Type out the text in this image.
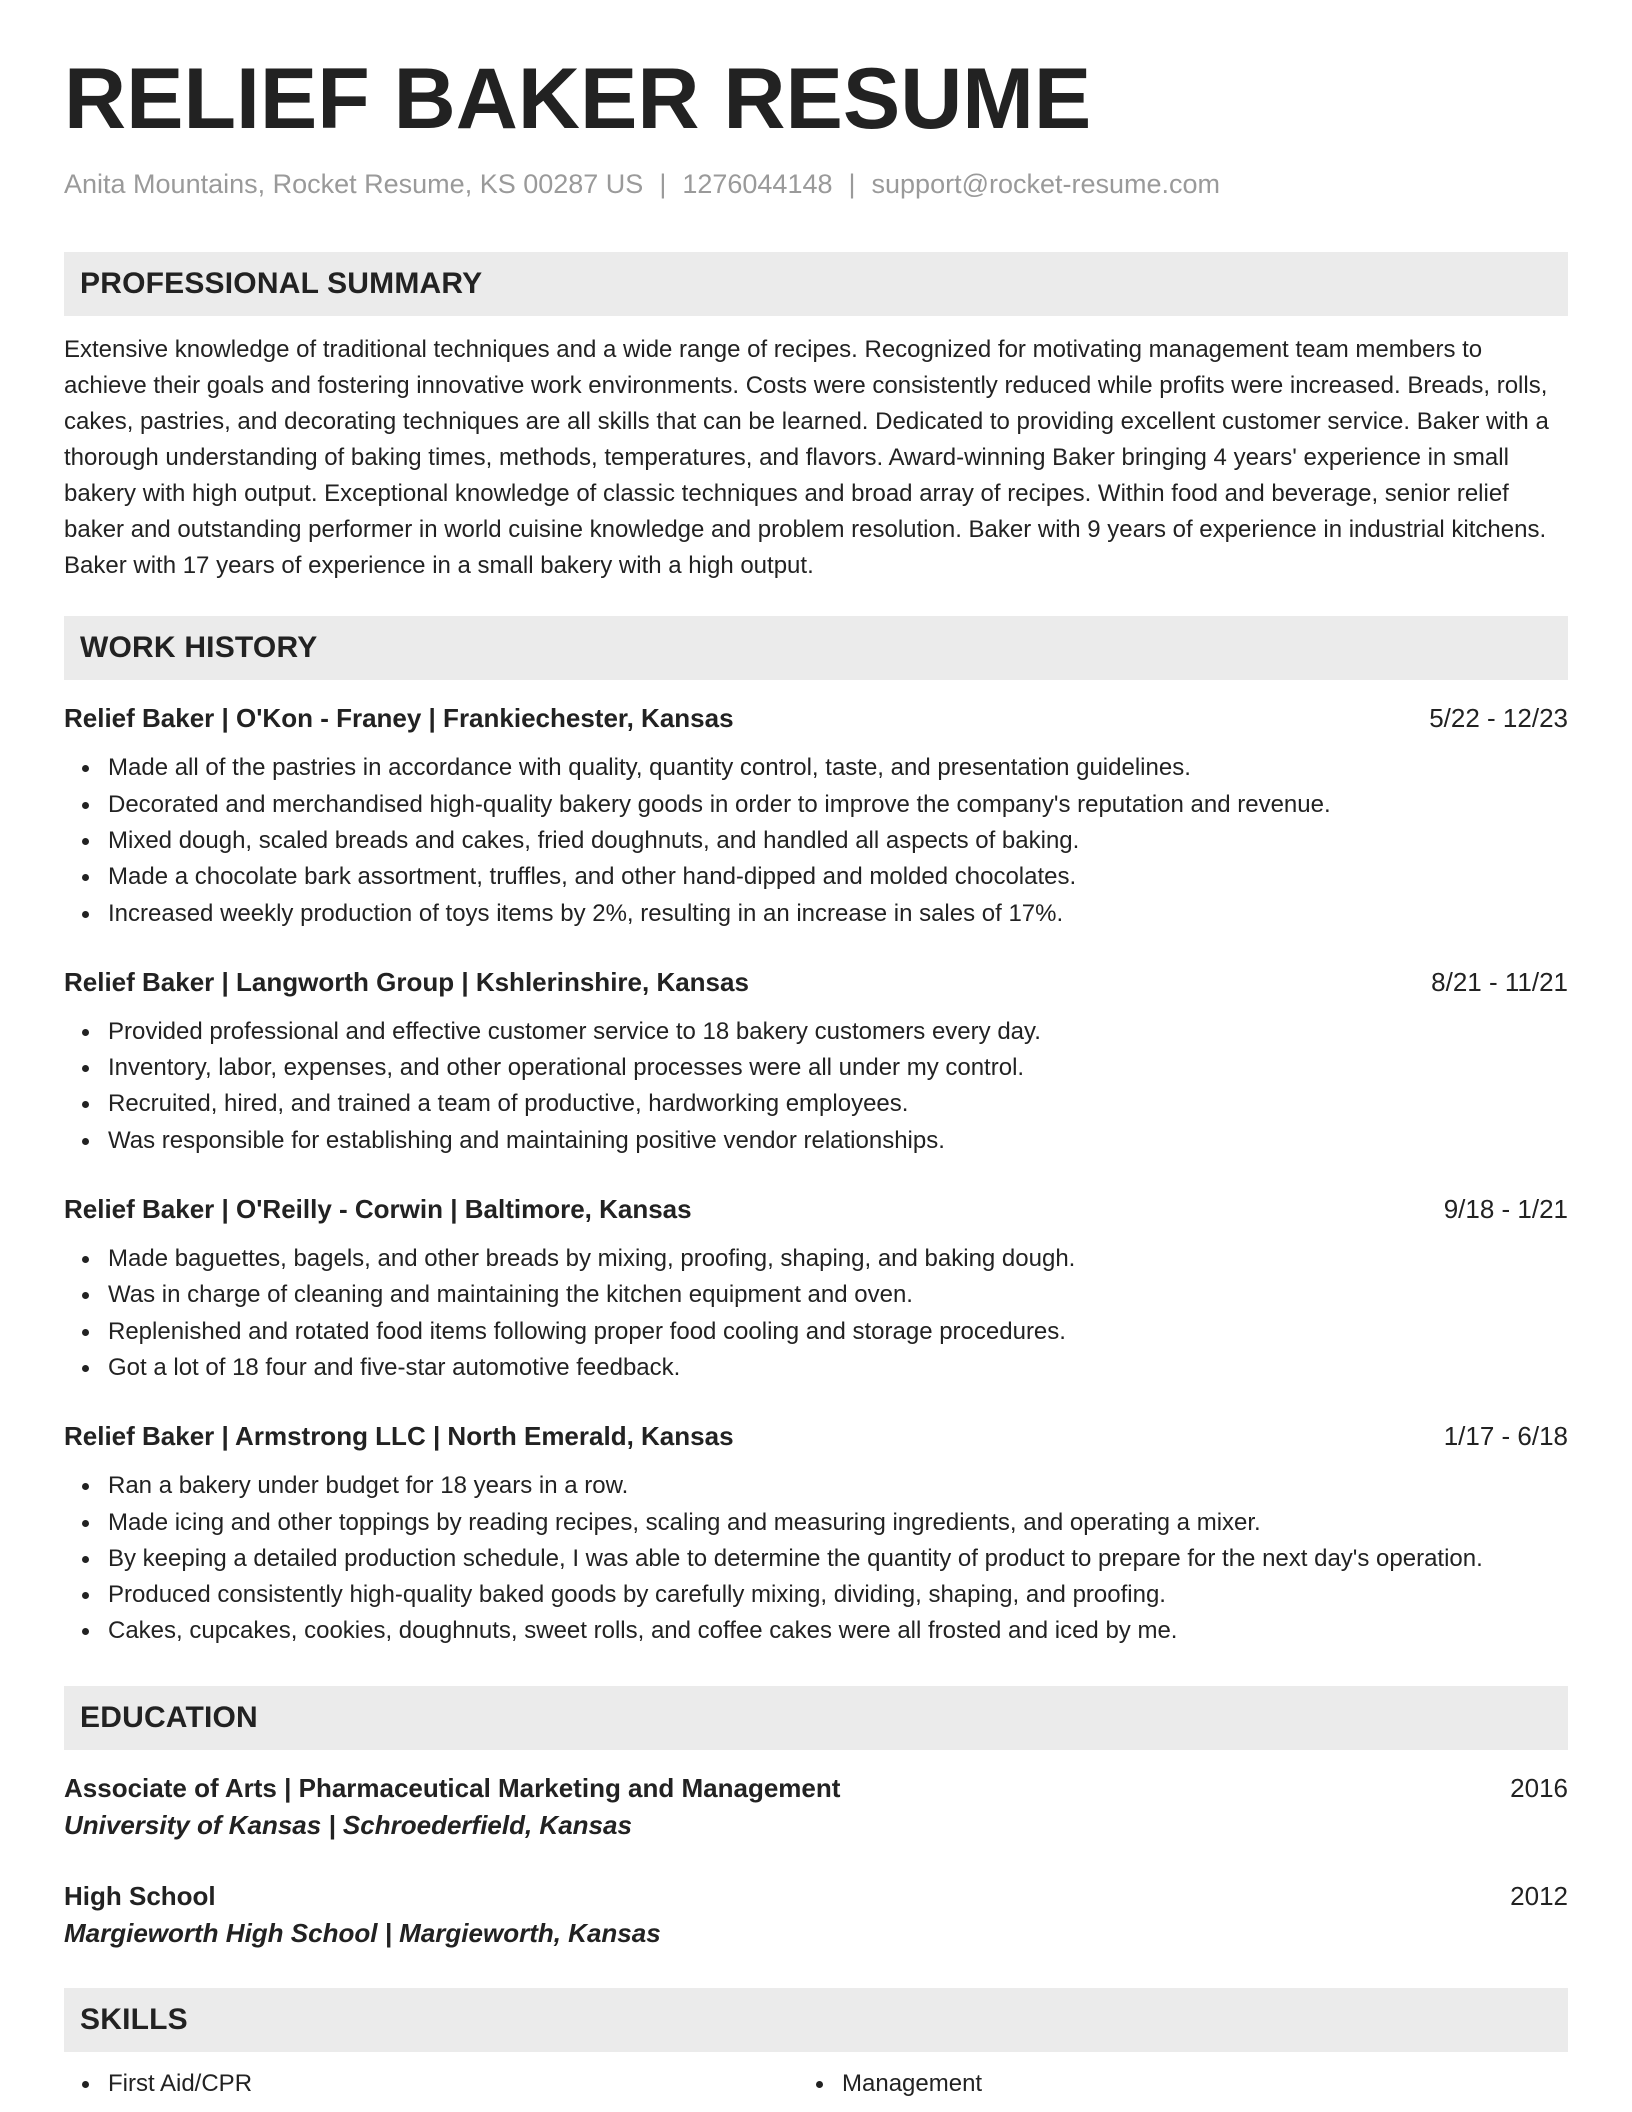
RELIEF BAKER RESUME
Anita Mountains, Rocket Resume, KS 00287 US | 1276044148 | support@rocket-resume.com
PROFESSIONAL SUMMARY
Extensive knowledge of traditional techniques and a wide range of recipes. Recognized for motivating management team members to achieve their goals and fostering innovative work environments. Costs were consistently reduced while profits were increased. Breads, rolls, cakes, pastries, and decorating techniques are all skills that can be learned. Dedicated to providing excellent customer service. Baker with a thorough understanding of baking times, methods, temperatures, and flavors. Award-winning Baker bringing 4 years' experience in small bakery with high output. Exceptional knowledge of classic techniques and broad array of recipes. Within food and beverage, senior relief baker and outstanding performer in world cuisine knowledge and problem resolution. Baker with 9 years of experience in industrial kitchens. Baker with 17 years of experience in a small bakery with a high output.
WORK HISTORY
Relief Baker | O'Kon - Franey | Frankiechester, Kansas	5/22 - 12/23
Made all of the pastries in accordance with quality, quantity control, taste, and presentation guidelines.
Decorated and merchandised high-quality bakery goods in order to improve the company's reputation and revenue.
Mixed dough, scaled breads and cakes, fried doughnuts, and handled all aspects of baking.
Made a chocolate bark assortment, truffles, and other hand-dipped and molded chocolates.
Increased weekly production of toys items by 2%, resulting in an increase in sales of 17%.
Relief Baker | Langworth Group | Kshlerinshire, Kansas	8/21 - 11/21
Provided professional and effective customer service to 18 bakery customers every day.
Inventory, labor, expenses, and other operational processes were all under my control.
Recruited, hired, and trained a team of productive, hardworking employees.
Was responsible for establishing and maintaining positive vendor relationships.
Relief Baker | O'Reilly - Corwin | Baltimore, Kansas	9/18 - 1/21
Made baguettes, bagels, and other breads by mixing, proofing, shaping, and baking dough.
Was in charge of cleaning and maintaining the kitchen equipment and oven.
Replenished and rotated food items following proper food cooling and storage procedures.
Got a lot of 18 four and five-star automotive feedback.
Relief Baker | Armstrong LLC | North Emerald, Kansas	1/17 - 6/18
Ran a bakery under budget for 18 years in a row.
Made icing and other toppings by reading recipes, scaling and measuring ingredients, and operating a mixer.
By keeping a detailed production schedule, I was able to determine the quantity of product to prepare for the next day's operation.
Produced consistently high-quality baked goods by carefully mixing, dividing, shaping, and proofing.
Cakes, cupcakes, cookies, doughnuts, sweet rolls, and coffee cakes were all frosted and iced by me.
EDUCATION
Associate of Arts | Pharmaceutical Marketing and Management	2016
University of Kansas | Schroederfield, Kansas
High School	2012
Margieworth High School | Margieworth, Kansas
SKILLS
First Aid/CPR	Management
